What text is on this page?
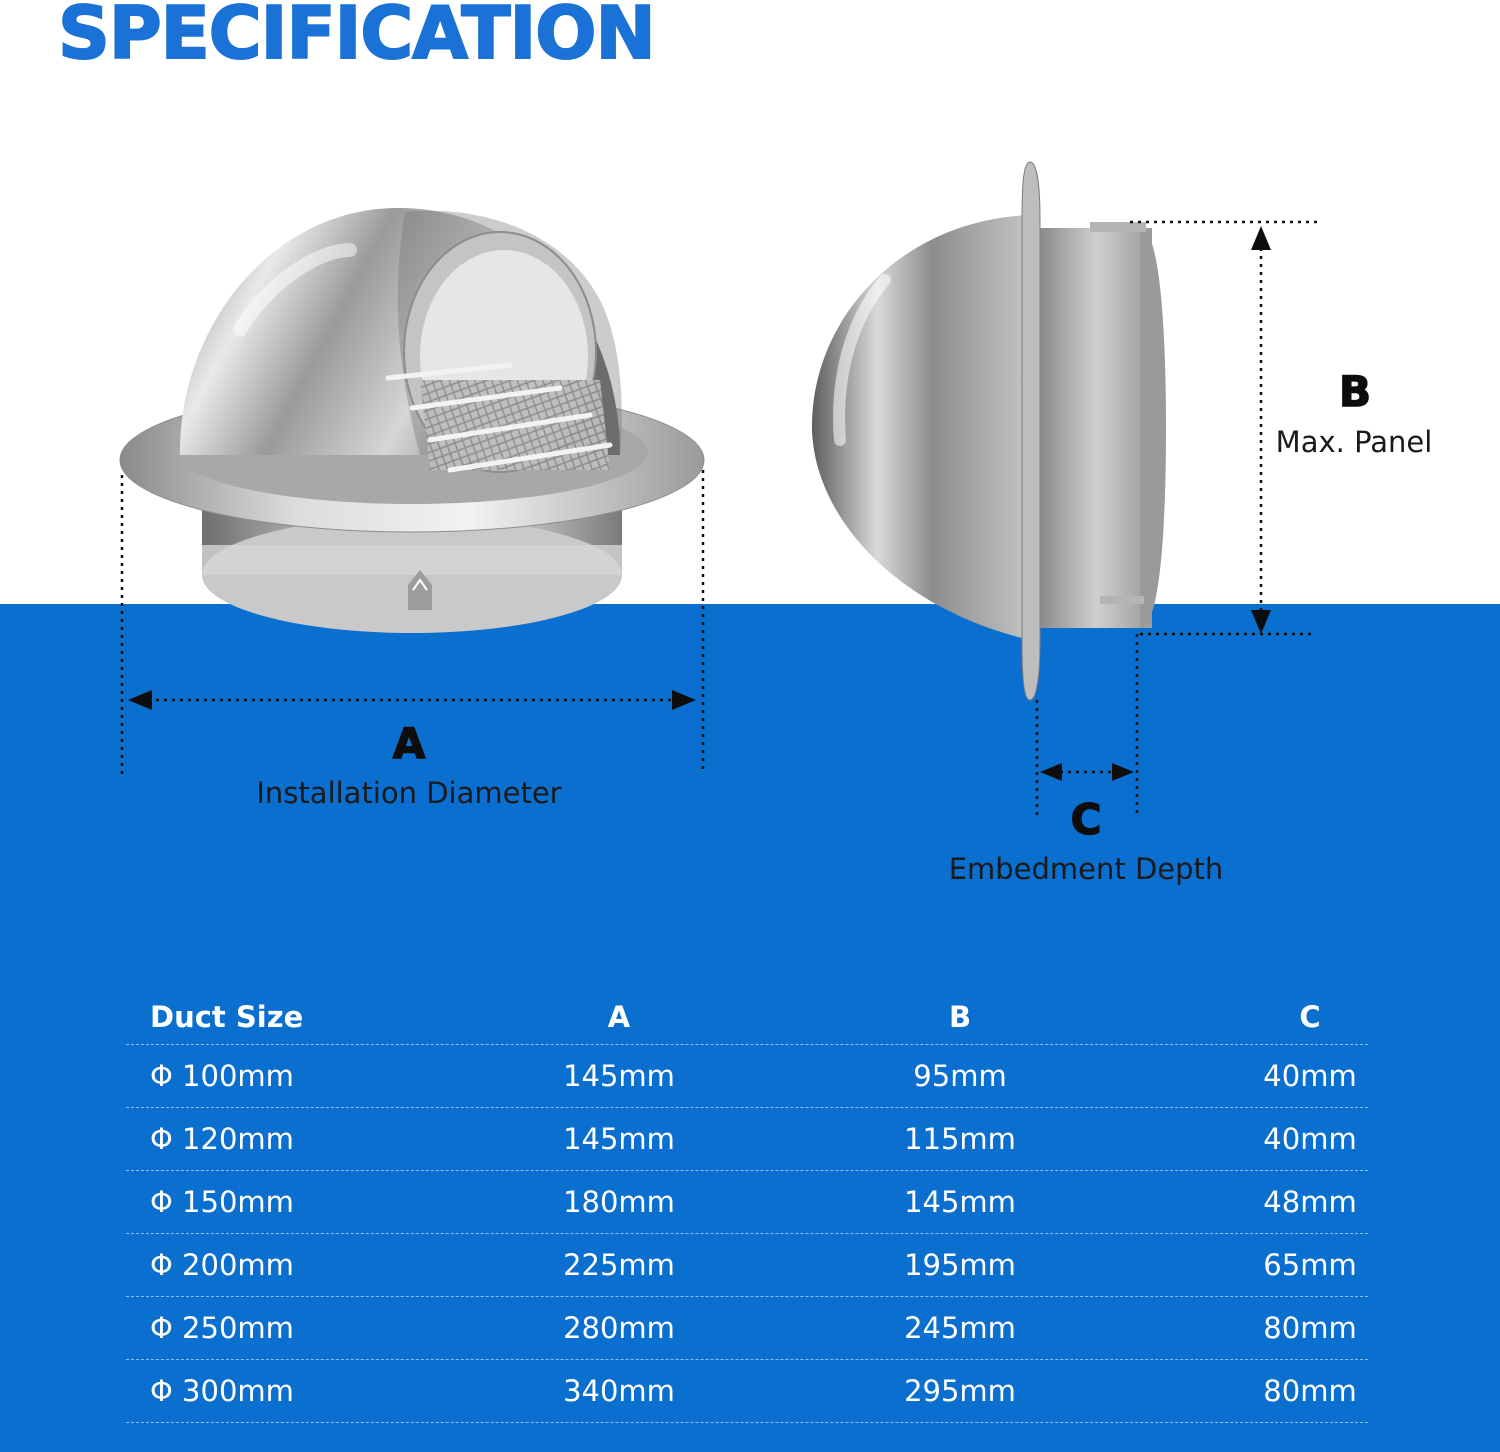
SPECIFICATION
A
Installation Diameter
B
Max. Panel
C
Embedment Depth
Duct Size	A	B	C
Φ 100mm	145mm	95mm	40mm
Φ 120mm	145mm	115mm	40mm
Φ 150mm	180mm	145mm	48mm
Φ 200mm	225mm	195mm	65mm
Φ 250mm	280mm	245mm	80mm
Φ 300mm	340mm	295mm	80mm
